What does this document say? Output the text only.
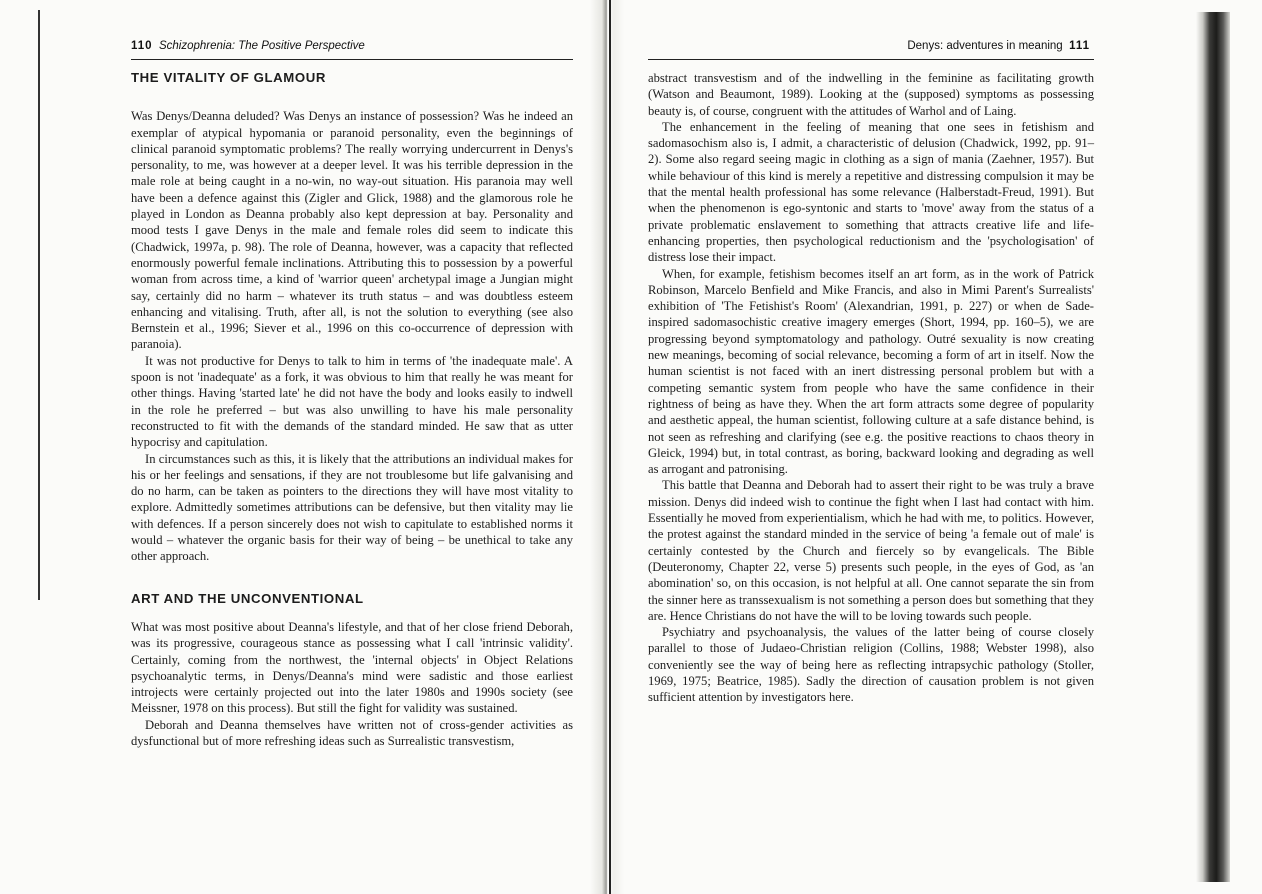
110 Schizophrenia: The Positive Perspective
THE VITALITY OF GLAMOUR

Was Denys/Deanna deluded? Was Denys an instance of possession? Was he indeed an exemplar of atypical hypomania or paranoid personality, even the beginnings of clinical paranoid symptomatic problems? The really worrying undercurrent in Denys's personality, to me, was however at a deeper level. It was his terrible depression in the male role at being caught in a no-win, no way-out situation. His paranoia may well have been a defence against this (Zigler and Glick, 1988) and the glamorous role he played in London as Deanna probably also kept depression at bay. Personality and mood tests I gave Denys in the male and female roles did seem to indicate this (Chadwick, 1997a, p. 98). The role of Deanna, however, was a capacity that reflected enormously powerful female inclinations. Attributing this to possession by a powerful woman from across time, a kind of 'warrior queen' archetypal image a Jungian might say, certainly did no harm – whatever its truth status – and was doubtless esteem enhancing and vitalising. Truth, after all, is not the solution to everything (see also Bernstein et al., 1996; Siever et al., 1996 on this co-occurrence of depression with paranoia).

It was not productive for Denys to talk to him in terms of 'the inadequate male'. A spoon is not 'inadequate' as a fork, it was obvious to him that really he was meant for other things. Having 'started late' he did not have the body and looks easily to indwell in the role he preferred – but was also unwilling to have his male personality reconstructed to fit with the demands of the standard minded. He saw that as utter hypocrisy and capitulation.

In circumstances such as this, it is likely that the attributions an individual makes for his or her feelings and sensations, if they are not troublesome but life galvanising and do no harm, can be taken as pointers to the directions they will have most vitality to explore. Admittedly sometimes attributions can be defensive, but then vitality may lie with defences. If a person sincerely does not wish to capitulate to established norms it would – whatever the organic basis for their way of being – be unethical to take any other approach.

ART AND THE UNCONVENTIONAL

What was most positive about Deanna's lifestyle, and that of her close friend Deborah, was its progressive, courageous stance as possessing what I call 'intrinsic validity'. Certainly, coming from the northwest, the 'internal objects' in Object Relations psychoanalytic terms, in Denys/Deanna's mind were sadistic and those earliest introjects were certainly projected out into the later 1980s and 1990s society (see Meissner, 1978 on this process). But still the fight for validity was sustained.

Deborah and Deanna themselves have written not of cross-gender activities as dysfunctional but of more refreshing ideas such as Surrealistic transvestism,

Denys: adventures in meaning 111

abstract transvestism and of the indwelling in the feminine as facilitating growth (Watson and Beaumont, 1989). Looking at the (supposed) symptoms as possessing beauty is, of course, congruent with the attitudes of Warhol and of Laing.

The enhancement in the feeling of meaning that one sees in fetishism and sadomasochism also is, I admit, a characteristic of delusion (Chadwick, 1992, pp. 91–2). Some also regard seeing magic in clothing as a sign of mania (Zaehner, 1957). But while behaviour of this kind is merely a repetitive and distressing compulsion it may be that the mental health professional has some relevance (Halberstadt-Freud, 1991). But when the phenomenon is ego-syntonic and starts to 'move' away from the status of a private problematic enslavement to something that attracts creative life and life-enhancing properties, then psychological reductionism and the 'psychologisation' of distress lose their impact.

When, for example, fetishism becomes itself an art form, as in the work of Patrick Robinson, Marcelo Benfield and Mike Francis, and also in Mimi Parent's Surrealists' exhibition of 'The Fetishist's Room' (Alexandrian, 1991, p. 227) or when de Sade-inspired sadomasochistic creative imagery emerges (Short, 1994, pp. 160–5), we are progressing beyond symptomatology and pathology. Outré sexuality is now creating new meanings, becoming of social relevance, becoming a form of art in itself. Now the human scientist is not faced with an inert distressing personal problem but with a competing semantic system from people who have the same confidence in their rightness of being as have they. When the art form attracts some degree of popularity and aesthetic appeal, the human scientist, following culture at a safe distance behind, is not seen as refreshing and clarifying (see e.g. the positive reactions to chaos theory in Gleick, 1994) but, in total contrast, as boring, backward looking and degrading as well as arrogant and patronising.

This battle that Deanna and Deborah had to assert their right to be was truly a brave mission. Denys did indeed wish to continue the fight when I last had contact with him. Essentially he moved from experientialism, which he had with me, to politics. However, the protest against the standard minded in the service of being 'a female out of male' is certainly contested by the Church and fiercely so by evangelicals. The Bible (Deuteronomy, Chapter 22, verse 5) presents such people, in the eyes of God, as 'an abomination' so, on this occasion, is not helpful at all. One cannot separate the sin from the sinner here as transsexualism is not something a person does but something that they are. Hence Christians do not have the will to be loving towards such people.

Psychiatry and psychoanalysis, the values of the latter being of course closely parallel to those of Judaeo-Christian religion (Collins, 1988; Webster 1998), also conveniently see the way of being here as reflecting intrapsychic pathology (Stoller, 1969, 1975; Beatrice, 1985). Sadly the direction of causation problem is not given sufficient attention by investigators here.
